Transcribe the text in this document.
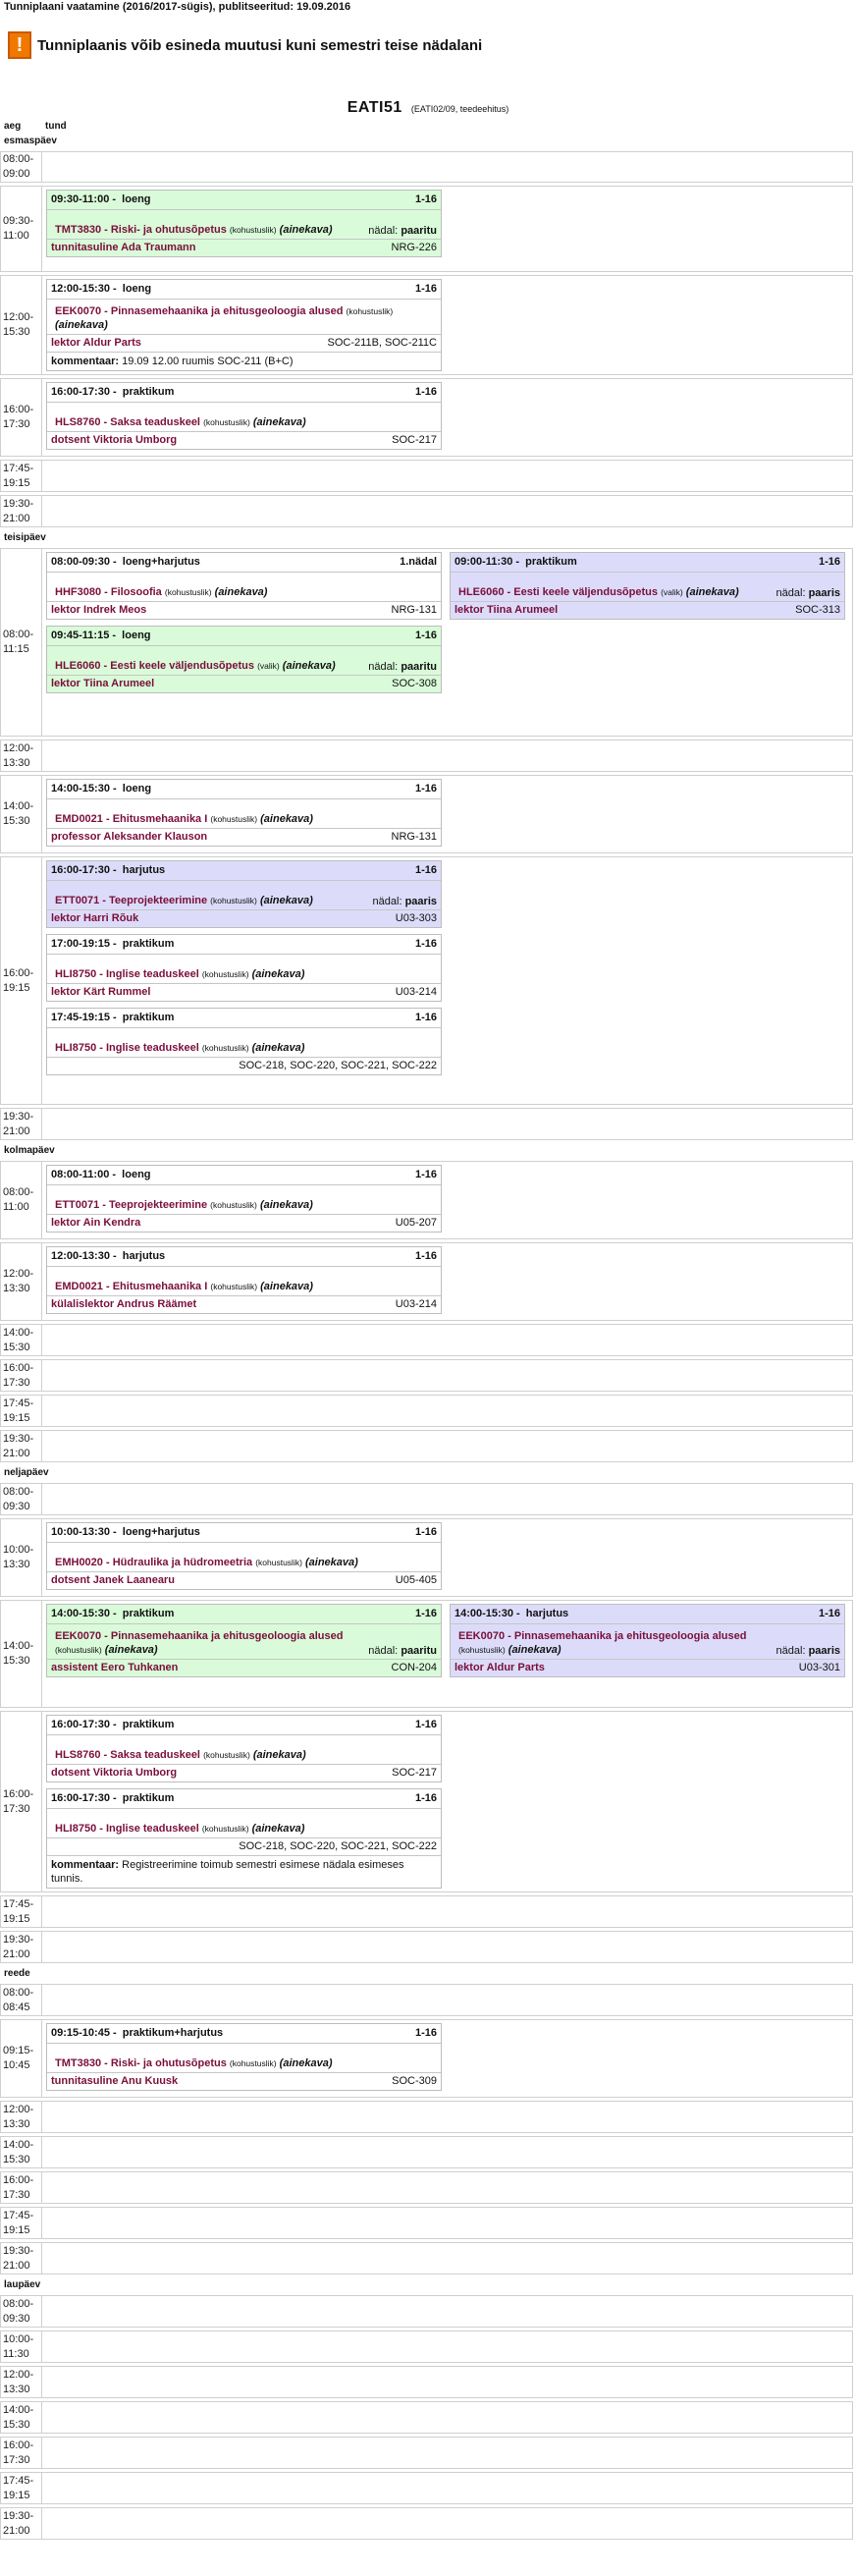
Tunniplaani vaatamine (2016/2017-sügis), publitseeritud: 19.09.2016
! Tunniplaanis võib esineda muutusi kuni semestri teise nädalani
EATI51 (EATI02/09, teedeehitus)
aeg	tund
esmaspäev
08:00-
09:00
09:30-
11:00
09:30-11:00 - loeng	1-16
TMT3830 - Riski- ja ohutusõpetus (kohustuslik) (ainekava)	nädal: paaritu
tunnitasuline Ada Traumann	NRG-226
12:00-
15:30
12:00-15:30 - loeng	1-16
EEK0070 - Pinnasemehaanika ja ehitusgeoloogia alused (kohustuslik) (ainekava)
lektor Aldur Parts	SOC-211B, SOC-211C
kommentaar: 19.09 12.00 ruumis SOC-211 (B+C)
16:00-
17:30
16:00-17:30 - praktikum	1-16
HLS8760 - Saksa teaduskeel (kohustuslik) (ainekava)
dotsent Viktoria Umborg	SOC-217
17:45-
19:15
19:30-
21:00
teisipäev
08:00-
11:15
08:00-09:30 - loeng+harjutus	1.nädal
HHF3080 - Filosoofia (kohustuslik) (ainekava)
lektor Indrek Meos	NRG-131
09:45-11:15 - loeng	1-16
HLE6060 - Eesti keele väljendusõpetus (valik) (ainekava)	nädal: paaritu
lektor Tiina Arumeel	SOC-308
09:00-11:30 - praktikum	1-16
HLE6060 - Eesti keele väljendusõpetus (valik) (ainekava)	nädal: paaris
lektor Tiina Arumeel	SOC-313
12:00-
13:30
14:00-
15:30
14:00-15:30 - loeng	1-16
EMD0021 - Ehitusmehaanika I (kohustuslik) (ainekava)
professor Aleksander Klauson	NRG-131
16:00-
19:15
16:00-17:30 - harjutus	1-16
ETT0071 - Teeprojekteerimine (kohustuslik) (ainekava)	nädal: paaris
lektor Harri Rõuk	U03-303
17:00-19:15 - praktikum	1-16
HLI8750 - Inglise teaduskeel (kohustuslik) (ainekava)
lektor Kärt Rummel	U03-214
17:45-19:15 - praktikum	1-16
HLI8750 - Inglise teaduskeel (kohustuslik) (ainekava)
SOC-218, SOC-220, SOC-221, SOC-222
19:30-
21:00
kolmapäev
08:00-
11:00
08:00-11:00 - loeng	1-16
ETT0071 - Teeprojekteerimine (kohustuslik) (ainekava)
lektor Ain Kendra	U05-207
12:00-
13:30
12:00-13:30 - harjutus	1-16
EMD0021 - Ehitusmehaanika I (kohustuslik) (ainekava)
külalislektor Andrus Räämet	U03-214
14:00-
15:30
16:00-
17:30
17:45-
19:15
19:30-
21:00
neljapäev
08:00-
09:30
10:00-
13:30
10:00-13:30 - loeng+harjutus	1-16
EMH0020 - Hüdraulika ja hüdromeetria (kohustuslik) (ainekava)
dotsent Janek Laanearu	U05-405
14:00-
15:30
14:00-15:30 - praktikum	1-16
EEK0070 - Pinnasemehaanika ja ehitusgeoloogia alused (kohustuslik) (ainekava)	nädal: paaritu
assistent Eero Tuhkanen	CON-204
14:00-15:30 - harjutus	1-16
EEK0070 - Pinnasemehaanika ja ehitusgeoloogia alused (kohustuslik) (ainekava)	nädal: paaris
lektor Aldur Parts	U03-301
16:00-
17:30
16:00-17:30 - praktikum	1-16
HLS8760 - Saksa teaduskeel (kohustuslik) (ainekava)
dotsent Viktoria Umborg	SOC-217
16:00-17:30 - praktikum	1-16
HLI8750 - Inglise teaduskeel (kohustuslik) (ainekava)
SOC-218, SOC-220, SOC-221, SOC-222
kommentaar: Registreerimine toimub semestri esimese nädala esimeses tunnis.
17:45-
19:15
19:30-
21:00
reede
08:00-
08:45
09:15-
10:45
09:15-10:45 - praktikum+harjutus	1-16
TMT3830 - Riski- ja ohutusõpetus (kohustuslik) (ainekava)
tunnitasuline Anu Kuusk	SOC-309
12:00-
13:30
14:00-
15:30
16:00-
17:30
17:45-
19:15
19:30-
21:00
laupäev
08:00-
09:30
10:00-
11:30
12:00-
13:30
14:00-
15:30
16:00-
17:30
17:45-
19:15
19:30-
21:00
